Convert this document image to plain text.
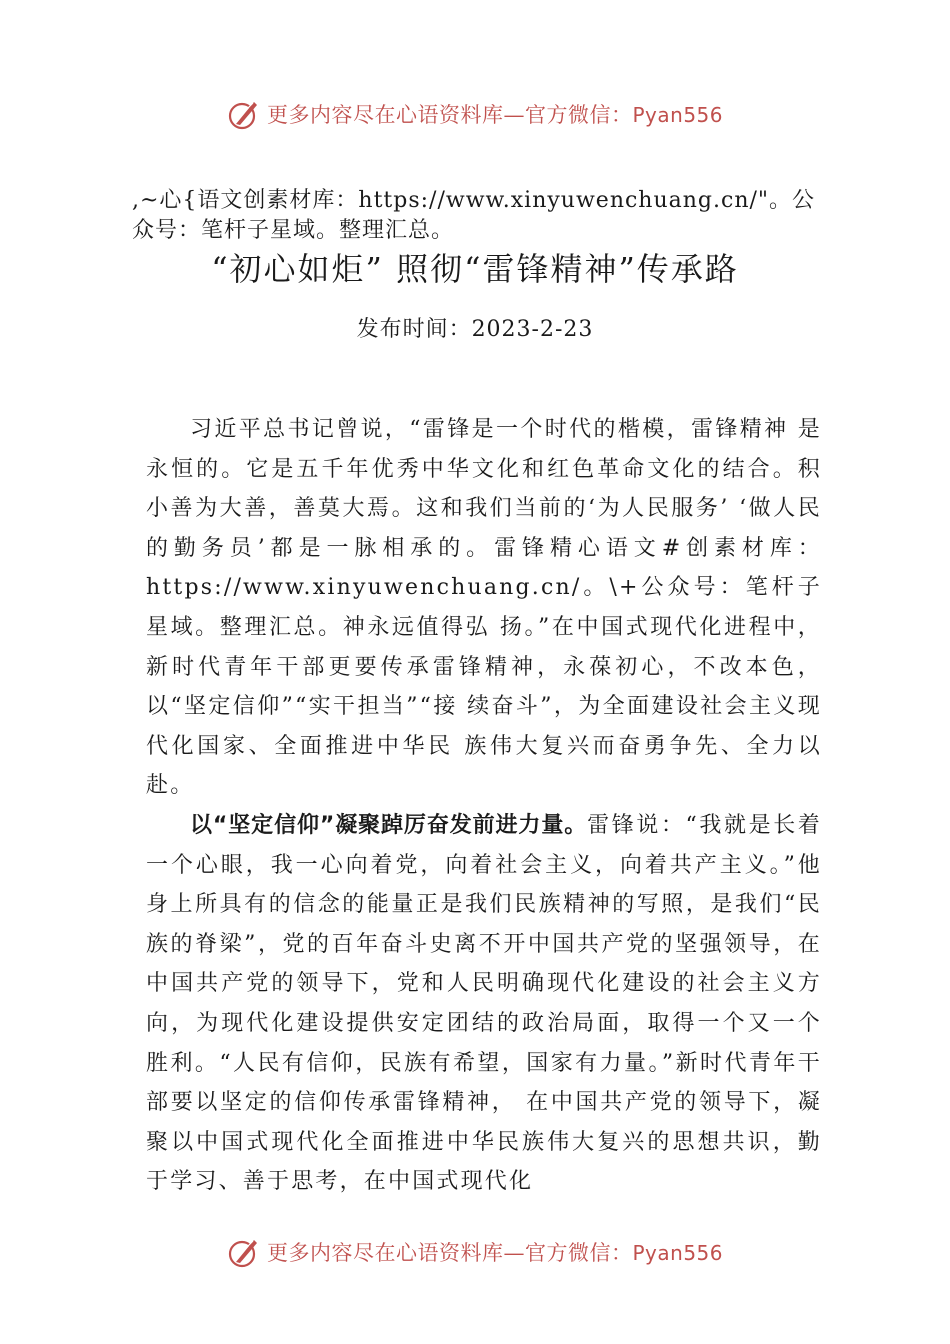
更多内容尽在心语资料库—官方微信：Pyan556
,~心{语文创素材库：https://www.xinyuwenchuang.cn/"。公众号：笔杆子星域。整理汇总。
“初心如炬” 照彻“雷锋精神”传承路
发布时间：2023-2-23

习近平总书记曾说，“雷锋是一个时代的楷模，雷锋精神 是永恒的。它是五千年优秀中华文化和红色革命文化的结合。积小善为大善，善莫大焉。这和我们当前的‘为人民服务’ ‘做人民的勤务员’都是一脉相承的。雷锋精心语文#创素材库：https://www.xinyuwenchuang.cn/。\+公众号：笔杆子星域。整理汇总。神永远值得弘 扬。”在中国式现代化进程中，新时代青年干部更要传承雷锋精神，永葆初心，不改本色，以“坚定信仰”“实干担当”“接 续奋斗”，为全面建设社会主义现代化国家、全面推进中华民 族伟大复兴而奋勇争先、全力以赴。

以“坚定信仰”凝聚踔厉奋发前进力量。雷锋说：“我就是长着一个心眼，我一心向着党，向着社会主义，向着共产主义。”他身上所具有的信念的能量正是我们民族精神的写照，是我们“民族的脊梁”，党的百年奋斗史离不开中国共产党的坚强领导，在中国共产党的领导下，党和人民明确现代化建设的社会主义方向，为现代化建设提供安定团结的政治局面，取得一个又一个胜利。“人民有信仰，民族有希望，国家有力量。”新时代青年干部要以坚定的信仰传承雷锋精神， 在中国共产党的领导下，凝聚以中国式现代化全面推进中华民族伟大复兴的思想共识，勤于学习、善于思考，在中国式现代化

更多内容尽在心语资料库—官方微信：Pyan556
